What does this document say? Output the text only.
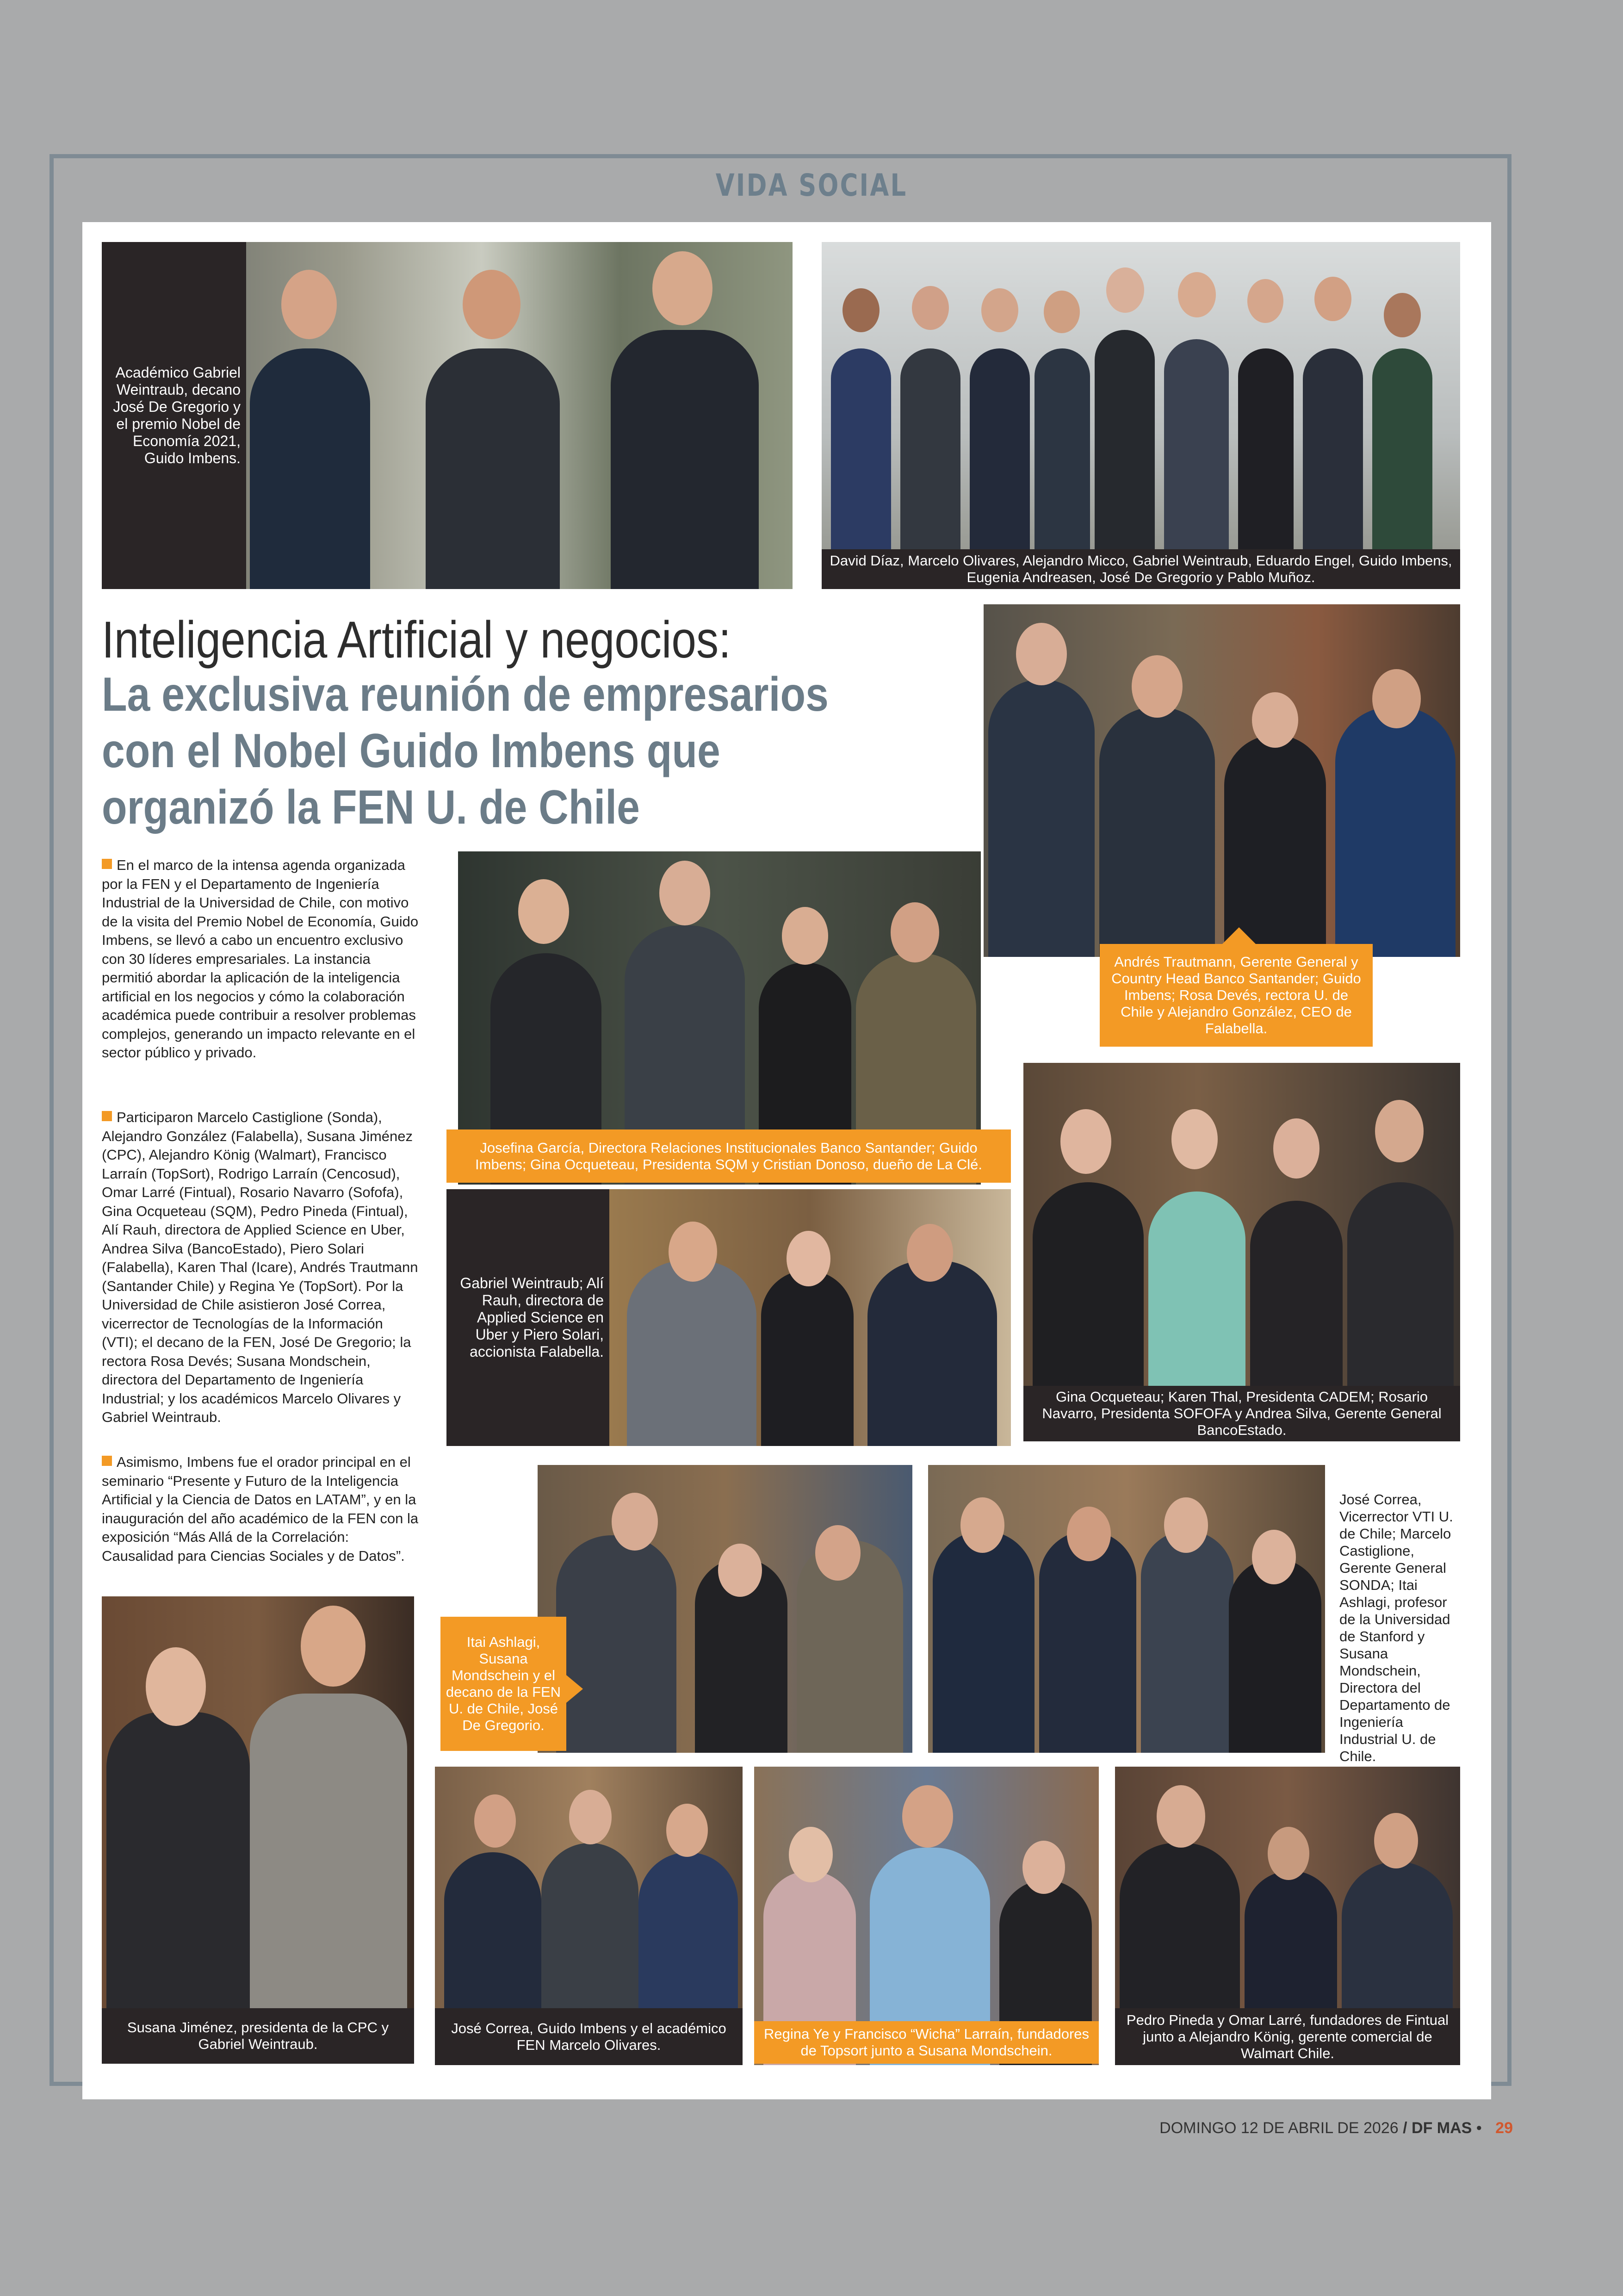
VIDA SOCIAL
Académico Gabriel Weintraub, decano José De Gregorio y el premio Nobel de Economía 2021, Guido Imbens.
David Díaz, Marcelo Olivares, Alejandro Micco, Gabriel Weintraub, Eduardo Engel, Guido Imbens, Eugenia Andreasen, José De Gregorio y Pablo Muñoz.
Inteligencia Artificial y negocios:
La exclusiva reunión de empresarios con el Nobel Guido Imbens que organizó la FEN U. de Chile
Andrés Trautmann, Gerente General y Country Head Banco Santander; Guido Imbens; Rosa Devés, rectora U. de Chile y Alejandro González, CEO de Falabella.
En el marco de la intensa agenda organizada por la FEN y el Departamento de Ingeniería Industrial de la Universidad de Chile, con motivo de la visita del Premio Nobel de Economía, Guido Imbens, se llevó a cabo un encuentro exclusivo con 30 líderes empresariales. La instancia permitió abordar la aplicación de la inteligencia artificial en los negocios y cómo la colaboración académica puede contribuir a resolver problemas complejos, generando un impacto relevante en el sector público y privado.
Participaron Marcelo Castiglione (Sonda), Alejandro González (Falabella), Susana Jiménez (CPC), Alejandro König (Walmart), Francisco Larraín (TopSort), Rodrigo Larraín (Cencosud), Omar Larré (Fintual), Rosario Navarro (Sofofa), Gina Ocqueteau (SQM), Pedro Pineda (Fintual), Alí Rauh, directora de Applied Science en Uber, Andrea Silva (BancoEstado), Piero Solari (Falabella), Karen Thal (Icare), Andrés Trautmann (Santander Chile) y Regina Ye (TopSort). Por la Universidad de Chile asistieron José Correa, vicerrector de Tecnologías de la Información (VTI); el decano de la FEN, José De Gregorio; la rectora Rosa Devés; Susana Mondschein, directora del Departamento de Ingeniería Industrial; y los académicos Marcelo Olivares y Gabriel Weintraub.
Asimismo, Imbens fue el orador principal en el seminario “Presente y Futuro de la Inteligencia Artificial y la Ciencia de Datos en LATAM”, y en la inauguración del año académico de la FEN con la exposición “Más Allá de la Correlación: Causalidad para Ciencias Sociales y de Datos”.
Josefina García, Directora Relaciones Institucionales Banco Santander; Guido Imbens; Gina Ocqueteau, Presidenta SQM y Cristian Donoso, dueño de La Clé.
Gabriel Weintraub; Alí Rauh, directora de Applied Science en Uber y Piero Solari, accionista Falabella.
Gina Ocqueteau; Karen Thal, Presidenta CADEM; Rosario Navarro, Presidenta SOFOFA y Andrea Silva, Gerente General BancoEstado.
Itai Ashlagi, Susana Mondschein y el decano de la FEN U. de Chile, José De Gregorio.
José Correa, Vicerrector VTI U. de Chile; Marcelo Castiglione, Gerente General SONDA; Itai Ashlagi, profesor de la Universidad de Stanford y Susana Mondschein, Directora del Departamento de Ingeniería Industrial U. de Chile.
Susana Jiménez, presidenta de la CPC y Gabriel Weintraub.
José Correa, Guido Imbens y el académico FEN Marcelo Olivares.
Regina Ye y Francisco “Wicha” Larraín, fundadores de Topsort junto a Susana Mondschein.
Pedro Pineda y Omar Larré, fundadores de Fintual junto a Alejandro König, gerente comercial de Walmart Chile.
DOMINGO 12 DE ABRIL DE 2026 / DF MAS • 29
